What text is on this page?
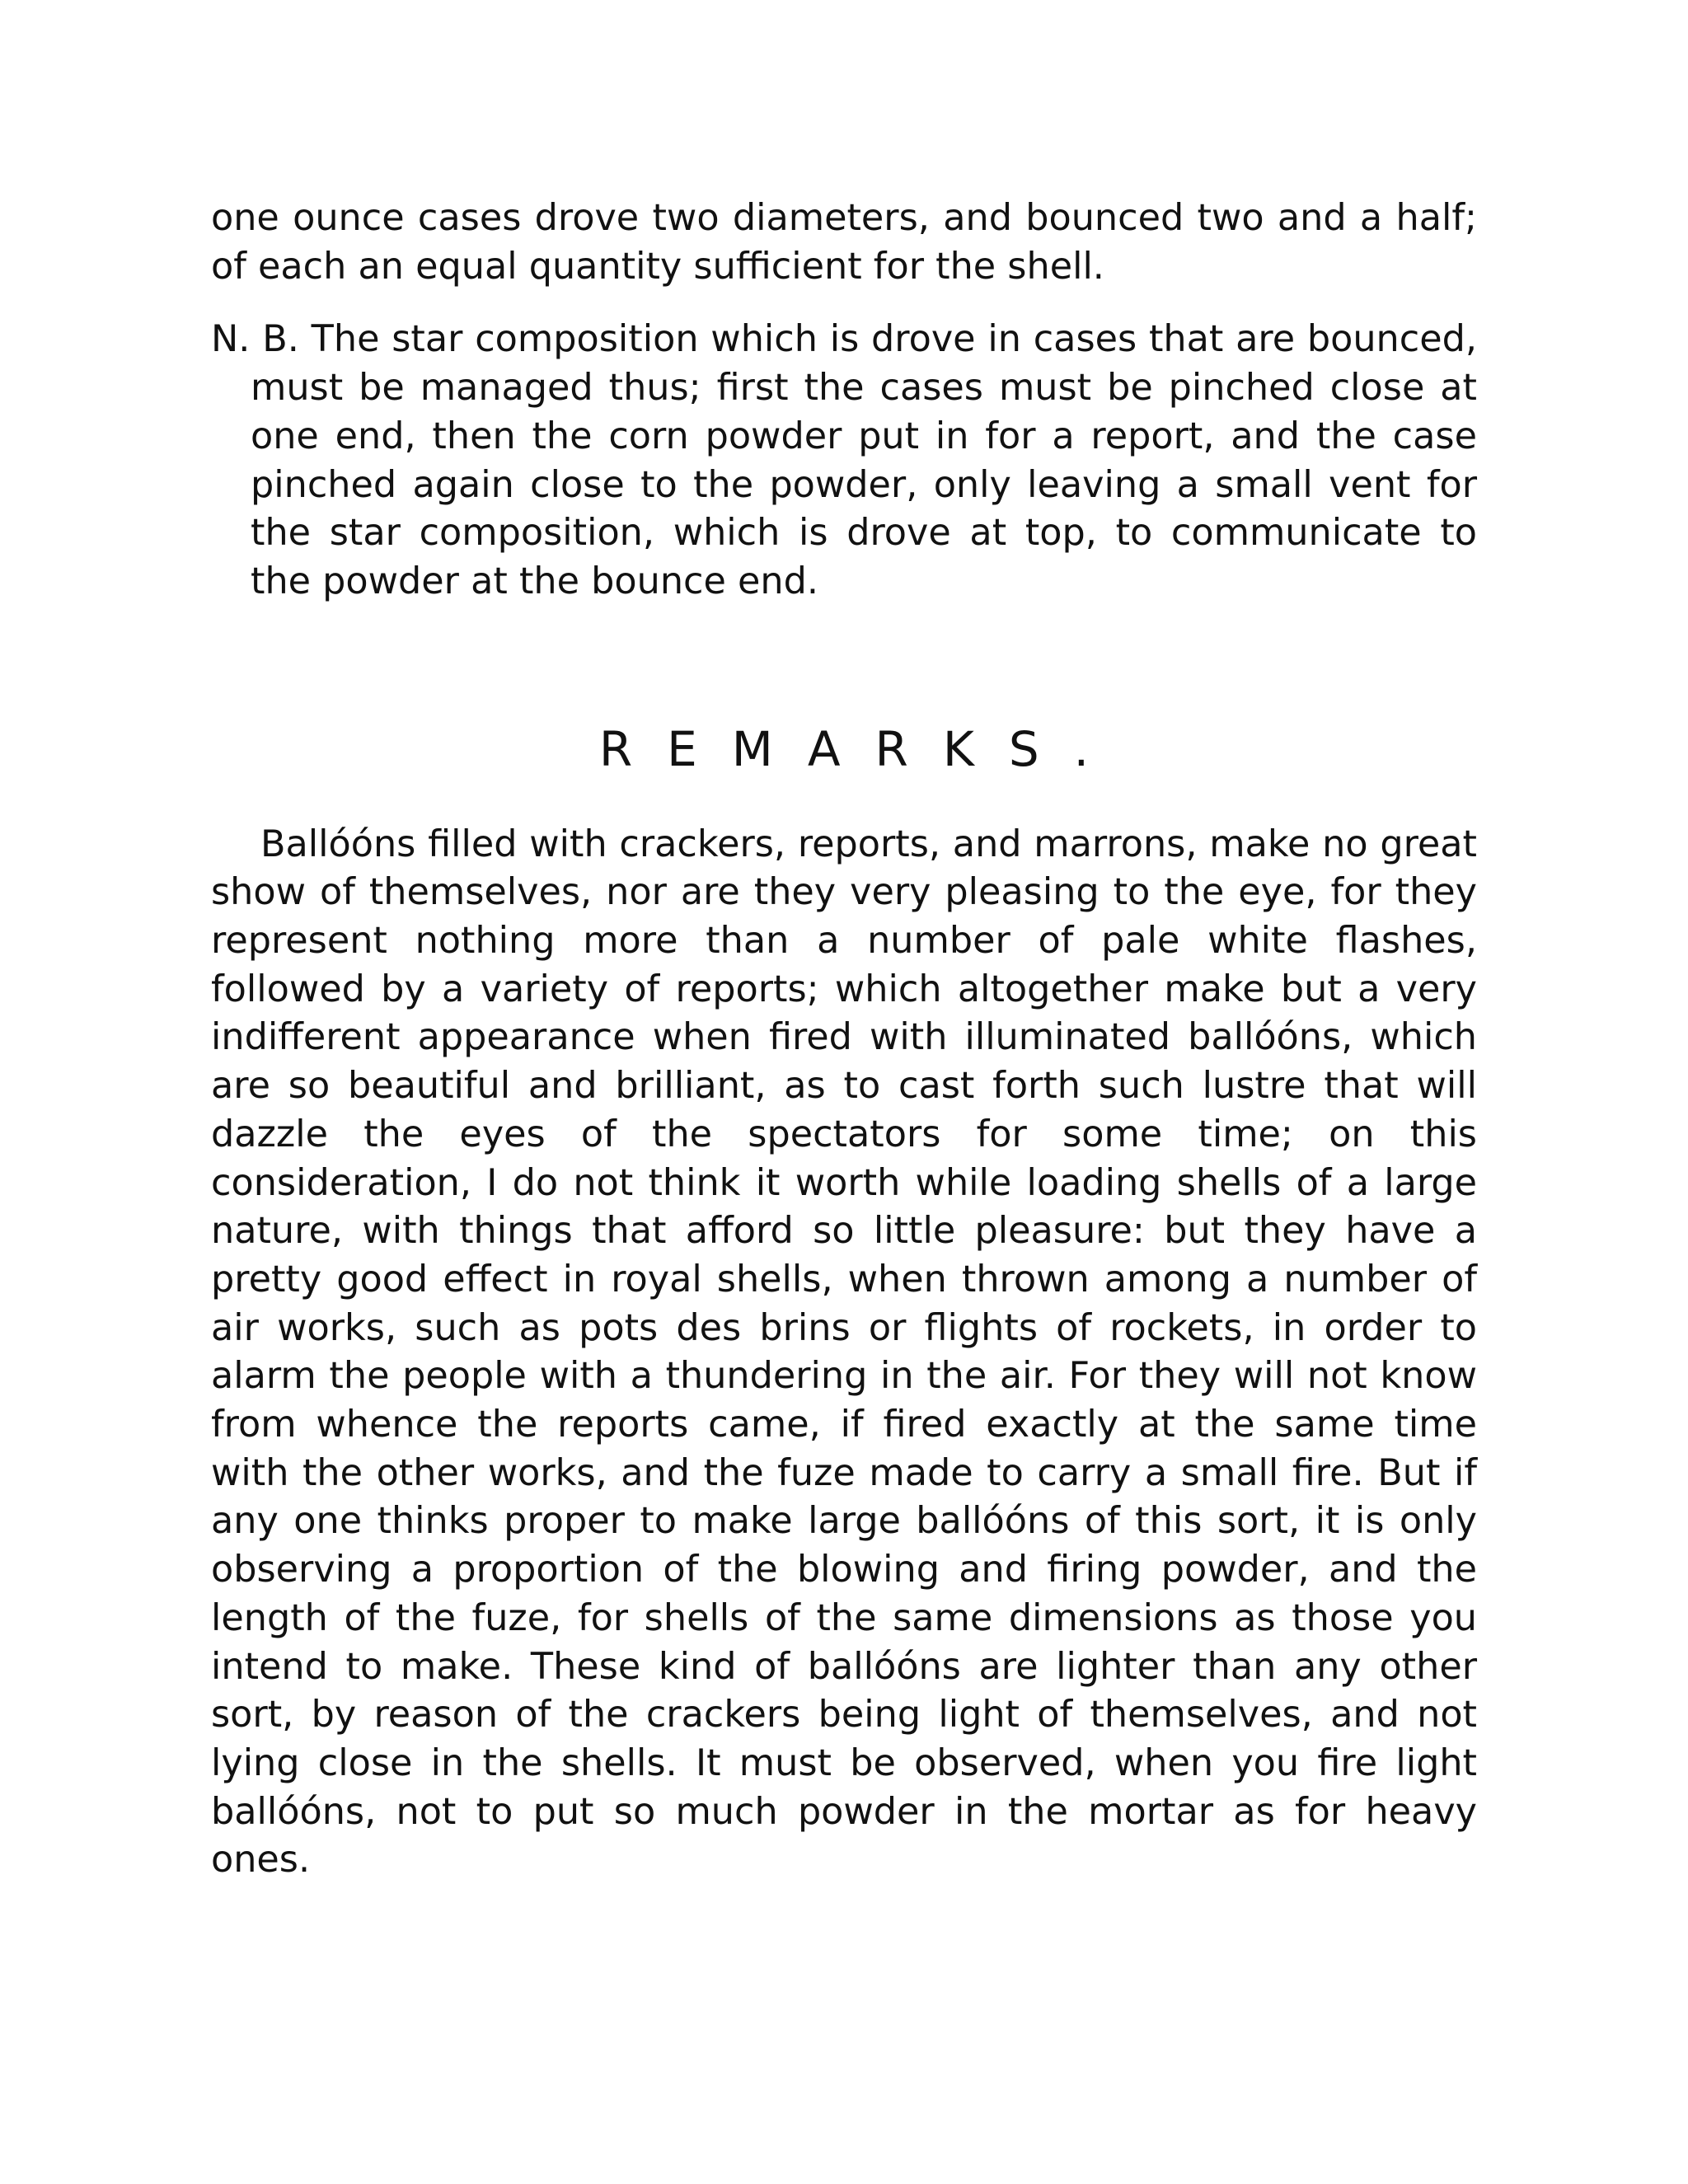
one ounce cases drove two diameters, and bounced two and a half; of each an equal quantity sufficient for the shell.

N. B. The star composition which is drove in cases that are bounced, must be managed thus; first the cases must be pinched close at one end, then the corn powder put in for a report, and the case pinched again close to the powder, only leaving a small vent for the star composition, which is drove at top, to communicate to the powder at the bounce end.

REMARKS.

Ballóóns filled with crackers, reports, and marrons, make no great show of themselves, nor are they very pleasing to the eye, for they represent nothing more than a number of pale white flashes, followed by a variety of reports; which altogether make but a very indifferent appearance when fired with illuminated ballóóns, which are so beautiful and brilliant, as to cast forth such lustre that will dazzle the eyes of the spectators for some time; on this consideration, I do not think it worth while loading shells of a large nature, with things that afford so little pleasure: but they have a pretty good effect in royal shells, when thrown among a number of air works, such as pots des brins or flights of rockets, in order to alarm the people with a thundering in the air. For they will not know from whence the reports came, if fired exactly at the same time with the other works, and the fuze made to carry a small fire. But if any one thinks proper to make large ballóóns of this sort, it is only observing a proportion of the blowing and firing powder, and the length of the fuze, for shells of the same dimensions as those you intend to make. These kind of ballóóns are lighter than any other sort, by reason of the crackers being light of themselves, and not lying close in the shells. It must be observed, when you fire light ballóóns, not to put so much powder in the mortar as for heavy ones.
